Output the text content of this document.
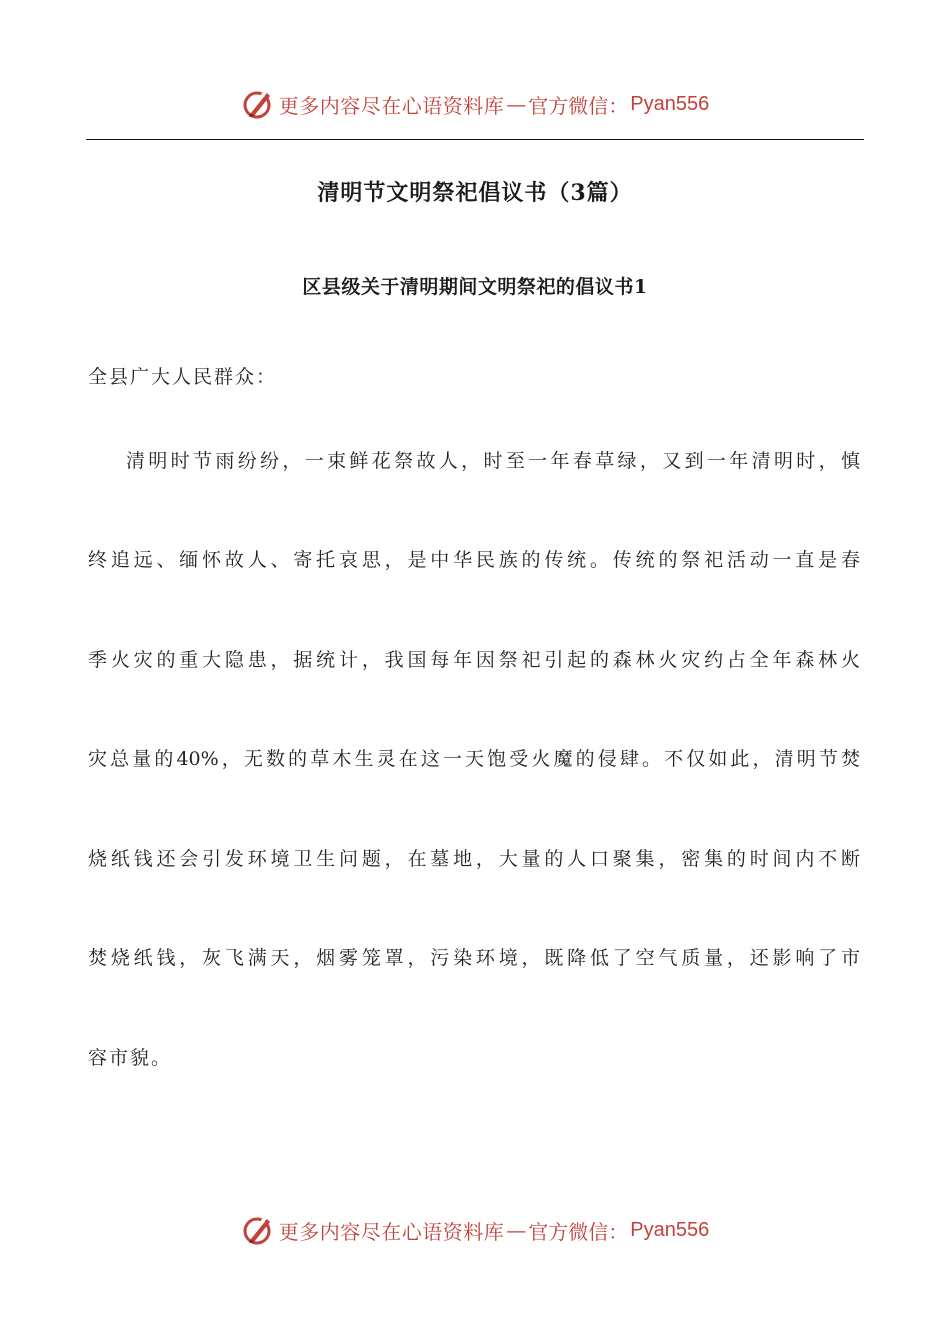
更多内容尽在心语资料库 — 官方微信： Pyan556
清明节文明祭祀倡议书（3篇）
区县级关于清明期间文明祭祀的倡议书1
全县广大人民群众：
清明时节雨纷纷，一束鲜花祭故人，时至一年春草绿，又到一年清明时，慎
终追远、缅怀故人、寄托哀思，是中华民族的传统。传统的祭祀活动一直是春
季火灾的重大隐患，据统计，我国每年因祭祀引起的森林火灾约占全年森林火
灾总量的40%，无数的草木生灵在这一天饱受火魔的侵肆。不仅如此，清明节焚
烧纸钱还会引发环境卫生问题，在墓地，大量的人口聚集，密集的时间内不断
焚烧纸钱，灰飞满天，烟雾笼罩，污染环境，既降低了空气质量，还影响了市
容市貌。
更多内容尽在心语资料库 — 官方微信： Pyan556
